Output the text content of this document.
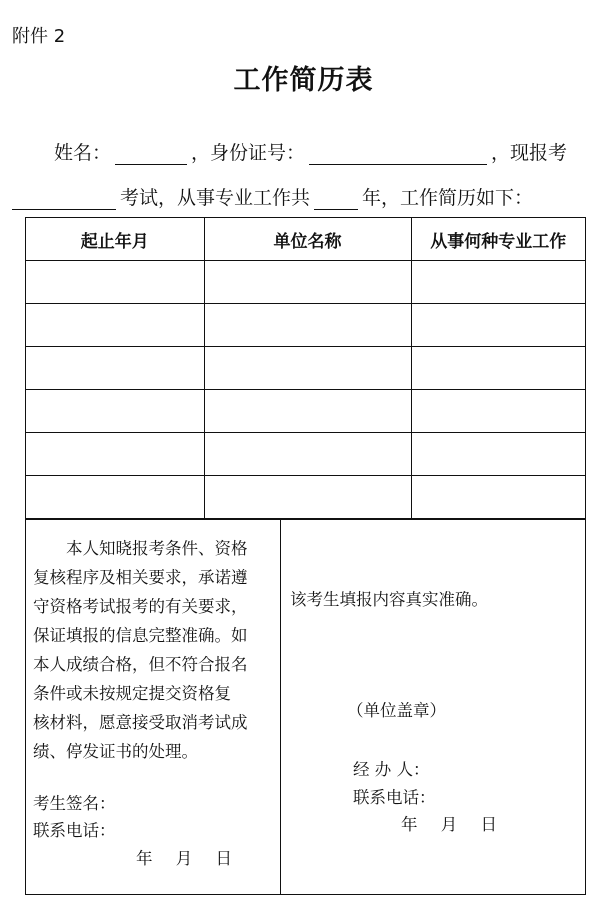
附件 2
工作简历表
姓名：	，身份证号：	，现报考
考试，从事专业工作共	年，工作简历如下：
起止年月	单位名称	从事何种专业工作

本人知晓报考条件、资格
复核程序及相关要求，承诺遵
守资格考试报考的有关要求，
保证填报的信息完整准确。如
本人成绩合格，但不符合报名
条件或未按规定提交资格复
核材料，愿意接受取消考试成
绩、停发证书的处理。
考生签名：
联系电话：
年 月 日
该考生填报内容真实准确。
（单位盖章）
经 办 人：
联系电话：
年 月 日
